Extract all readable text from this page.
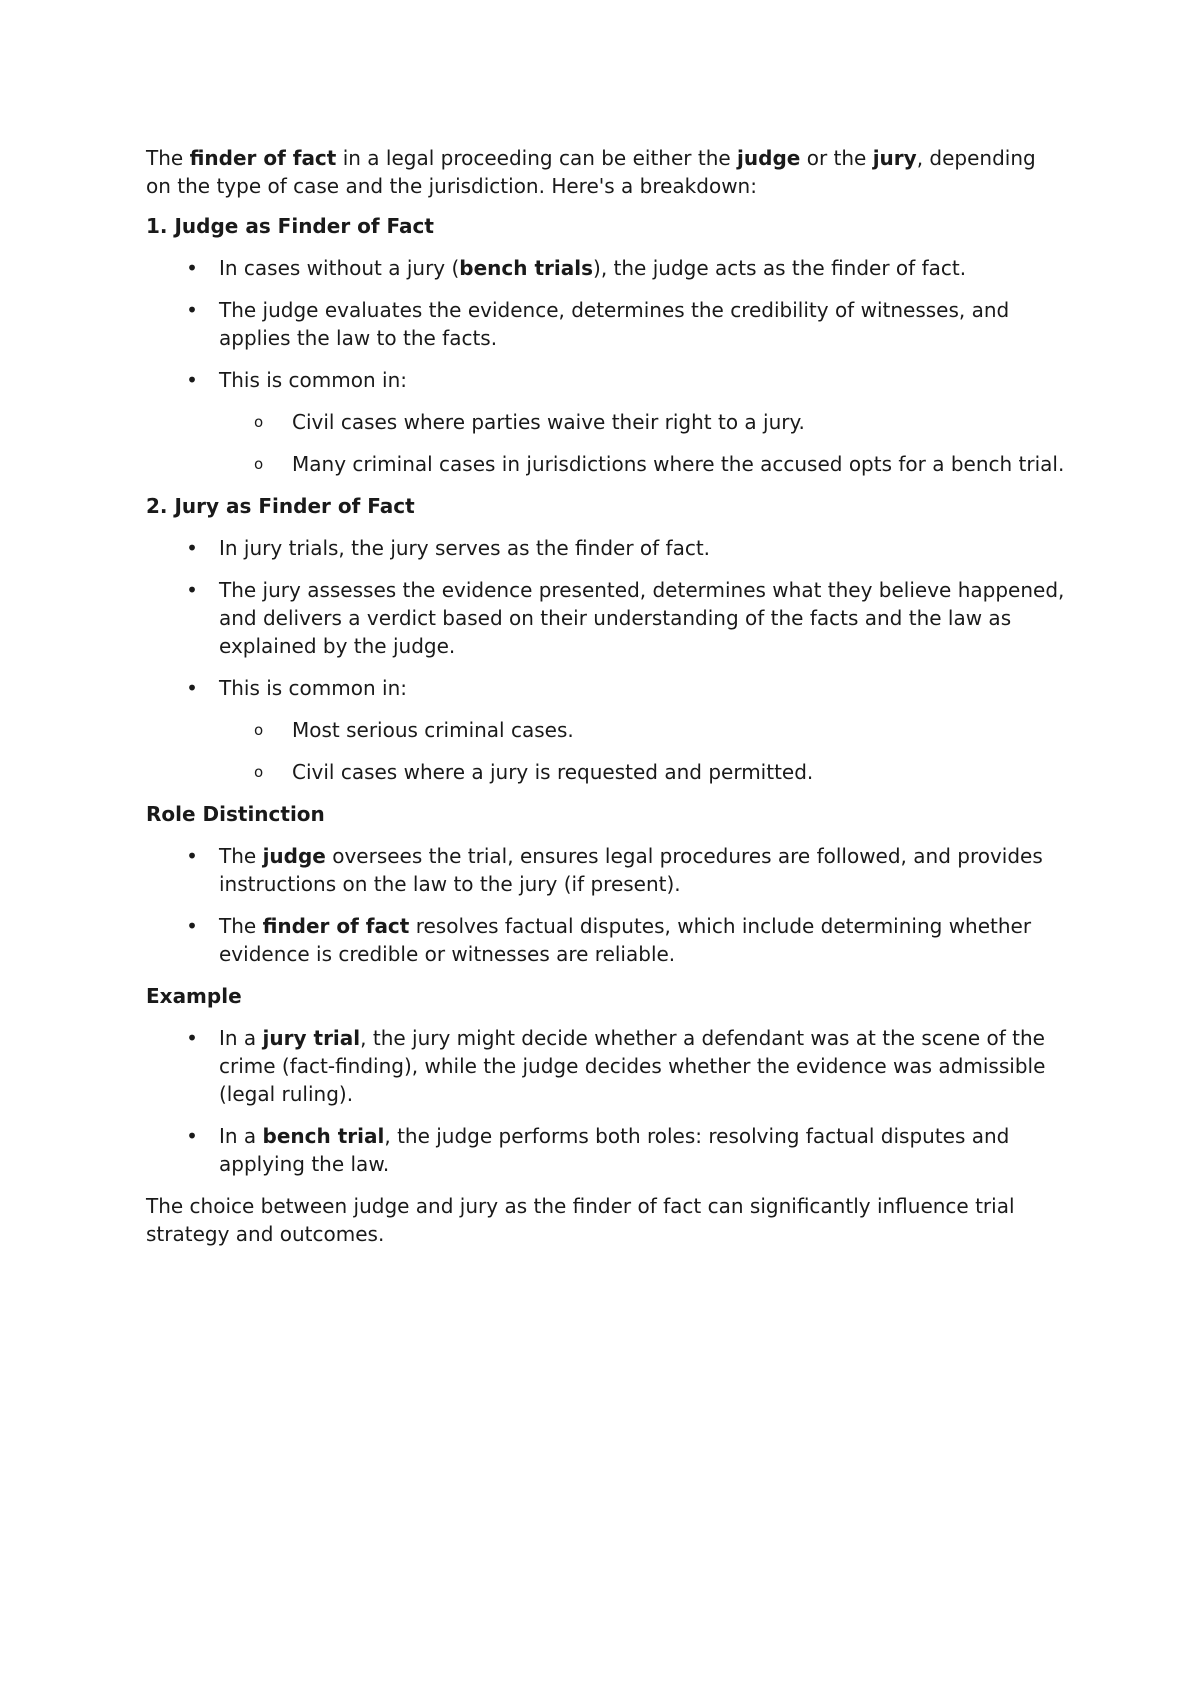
The finder of fact in a legal proceeding can be either the judge or the jury, depending on the type of case and the jurisdiction. Here's a breakdown:

1. Judge as Finder of Fact
• In cases without a jury (bench trials), the judge acts as the finder of fact.
• The judge evaluates the evidence, determines the credibility of witnesses, and applies the law to the facts.
• This is common in:
o Civil cases where parties waive their right to a jury.
o Many criminal cases in jurisdictions where the accused opts for a bench trial.
2. Jury as Finder of Fact
• In jury trials, the jury serves as the finder of fact.
• The jury assesses the evidence presented, determines what they believe happened, and delivers a verdict based on their understanding of the facts and the law as explained by the judge.
• This is common in:
o Most serious criminal cases.
o Civil cases where a jury is requested and permitted.
Role Distinction
• The judge oversees the trial, ensures legal procedures are followed, and provides instructions on the law to the jury (if present).
• The finder of fact resolves factual disputes, which include determining whether evidence is credible or witnesses are reliable.
Example
• In a jury trial, the jury might decide whether a defendant was at the scene of the crime (fact-finding), while the judge decides whether the evidence was admissible (legal ruling).
• In a bench trial, the judge performs both roles: resolving factual disputes and applying the law.

The choice between judge and jury as the finder of fact can significantly influence trial strategy and outcomes.
